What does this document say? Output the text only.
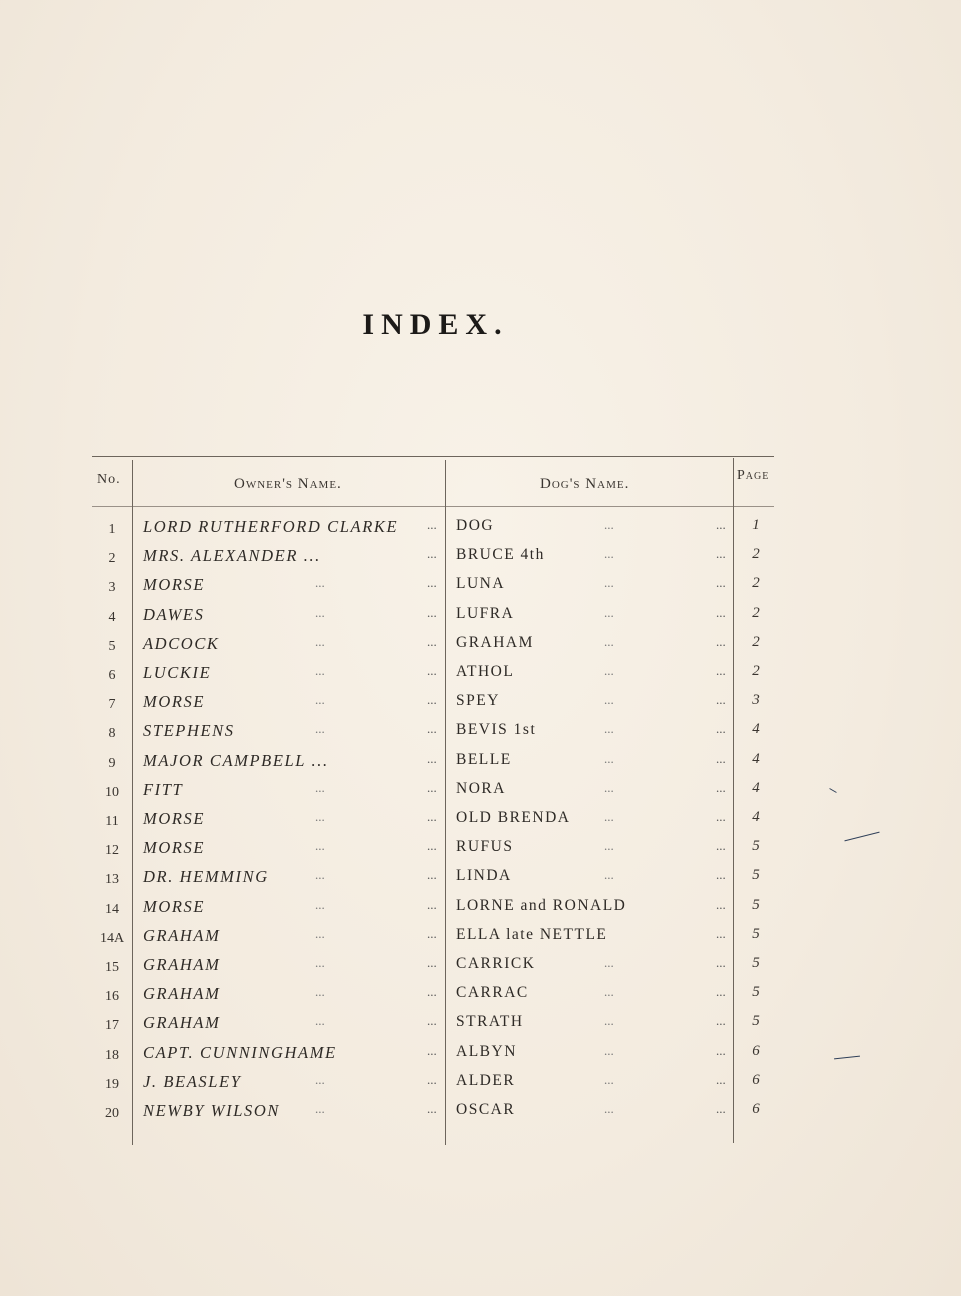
INDEX.
No.	Owner's Name.	Dog's Name.
Page
1	LORD RUTHERFORD CLARKE ... DOG	...	...	1
2	MRS. ALEXANDER ...	... BRUCE 4th	...	...	2
3	MORSE	...	... LUNA	...	...	2
4	DAWES	...	... LUFRA	...	...	2
5	ADCOCK	...	... GRAHAM	...	...	2
6	LUCKIE	...	... ATHOL	...	...	2
7	MORSE	...	... SPEY	...	...	3
8	STEPHENS	...	... BEVIS 1st	...	...	4
9	MAJOR CAMPBELL ...	... BELLE	...	...	4
10	FITT	...	... NORA	...	...	4
11	MORSE	...	... OLD BRENDA	...	...	4
12	MORSE	...	... RUFUS	...	...	5
13	DR. HEMMING	...	... LINDA	...	...	5
14	MORSE	...	... LORNE and RONALD	...	5
14A	GRAHAM	...	... ELLA late NETTLE	...	5
15	GRAHAM	...	... CARRICK	...	...	5
16	GRAHAM	...	... CARRAC	...	...	5
17	GRAHAM	...	... STRATH	...	...	5
18	CAPT. CUNNINGHAME	... ALBYN	...	...	6
19	J. BEASLEY	...	... ALDER	...	...	6
20	NEWBY WILSON	...	... OSCAR	...	...	6
